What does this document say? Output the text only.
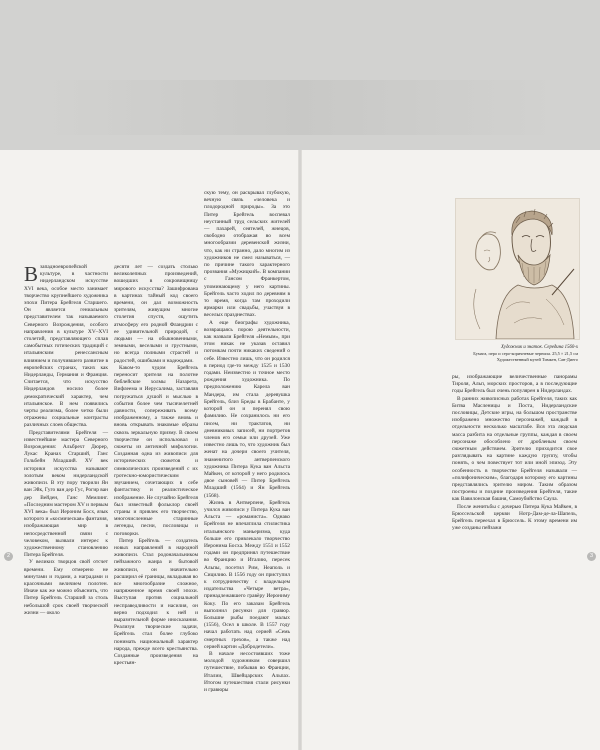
Взападноевропейской культуре, в частности нидерландском искусстве XVI века, особое место занимает творчество крупнейшего художника эпохи Питера Брейгеля Старшего. Он является гениальным представителем так называемого Северного Возрождения, особого направления в культуре XV–XVI столетий, представляющего сплав самобытных готических традиций с итальянским ренессансным влиянием и получившего развитие в европейских странах, таких как Нидерланды, Германия и Франция. Считается, что искусство Нидерландов носило более демократический характер, чем итальянское. В нем появились черты реализма, более четко были отражены социальные контрасты различных слоев общества.

Представителями Брейгеля — известнейшие мастера Северного Возрождения: Альбрехт Дюрер, Лукас Кранах Старший, Ганс Гольбейн Младший. XV век историки искусства называют золотым веком нидерландской живописи. В эту пору творили Ян ван Эйк, Гуго ван дер Гус, Рогир ван дер Вейден, Ганс Мемлинг. «Последним мастером XV и первым XVI века» был Иероним Босх, язык которого и «космическая» фантазия, изображающая мир в непосредственной связи с человеком, вызвали интерес к художественному становлению Питера Брейгеля.

У великих творцов свой отсчет времени. Ему отмерено не минутами и годами, а наградами и красочными величием полотен. Иначе как же можно объяснить, что Питер Брейгель Старший за столь небольшой срок своей творческой жизни — около

десяти лет — создать столько великолепных произведений, вошедших в сокровищницу мирового искусства? Зашифрована в картинах тайный код своего времени, он дал возможность зрителям, живущим многие столетия спустя, ощутить атмосферу его родной Фландрии с ее удивительной природой, с людьми — на обыкновенными, земными, веселыми и грустными, но всегда полными страстей и радостей, ошибками и надеждами.

Каком-то чудом Брейгель переносит зрителя на полотне библейские холмы Назарета, Вифлеема и Иерусалима, заставляя погружаться душой и мыслью в события более чем тысячелетней давности, сопереживать всему изображенному, а также вновь и вновь открывать знакомые образы сквозь зеркальную призму. В своем творчестве он использовал и сюжеты из античной мифологии. Созданная одна из живописи для исторических сюжетов и символических произведений с их гротескно-юмористическим звучанием, сочетающих в себе фантастику и реалистическое изображение. Не случайно Брейгеля был известный фольклор своей страны и привлек его творчество, многочисленные старинные легенды, песни, пословицы и поговорки.

Питер Брейгель — создатель новых направлений в народной живописи. Стал родоначальником пейзажного жанра и бытовой живописи, он значительно расширил её границы, вкладывая во все многообразие сложное, напряженное время своей эпохи. Выступая против социальной несправедливости и насилия, он верно подходил к ней и выразительной форме иносказания. Реализуя творческие задачи, Брейгель стал более глубоко понимать национальный характер народа, прежде всего крестьянства. Созданные произведения на крестьян-

скую тему, он раскрывал глубокую, вечную связь «человека и плодородной природы». За это Питер Брейгель воспевал неустанный труд сельских жителей — пахарей, сеятелей, жнецов, свободно отображая во всем многообразии деревенской жизни, что, как ни странно, дало многим из художников не смел называться, — по причине такого характерного прозвания «Мужицкий». В компании с Гансом Франкертом, упоминающему у него картины. Брейгель часто ходил по деревням в то время, когда там проходили ярмарки или свадьбы, участвуя в веселых празднествах.

А еще биографы художника, возвращаясь порою деятельности, как назвали Брейгеля «Немым», при этом никак не указав оставил потомкам почти никаких сведений о себе. Известно лишь, что он родился в период где-то между 1525 и 1530 годами. Неизвестно и точное место рождения художника. По предположению Карела ван Мандера, им стала деревушка Брейгель, близ Бреды в Брабанте, у которой он и перенял свою фамилию. Не сохранилось ни его писем, ни трактатов, ни дневниковых записей, ни портретов членов его семьи или друзей. Уже известно лишь то, что художник был женат на дочери своего учителя, знаменитого антверпенского художника Питера Кука ван Альста Майкен, от которой у него родилось двое сыновей — Питер Брейгель Младший (1564) и Ян Брейгель (1568).

Жизнь в Антверпене, Брейгель учился живописи у Питера Кука ван Альста — «романиста». Однако Брейгеля не впечатлила стилистика итальянского маньеризма, куда больше его привлекало творчество Иеронима Босха. Между 1551 и 1552 годами он предпринял путешествие во Францию и Италию, пересек Альпы, посетил Рим, Неаполь и Сицилию. В 1556 году он приступил к сотрудничеству с владельцем издательства «Четыре ветра», принадлежавшего гравёру Иерониму Коку. По его заказам Брейгель выполнил рисунки для гравюр. Большие рыбы поедают малых (1556), Осел в школе. В 1557 году начал работать над серией «Семь смертных грехов», а также над серией картин «Добродетели».

В начале несостоявших тоже молодой художником совершил путешествие, побывав во Франции, Италии, Швейцарских Альпах. Итогом путешествия стали рисунки и гравюры

Художник и знаток. Середина 1560-х
Бумага, перо и серо-коричневые чернила. 25,5 × 21,5 см Художественный музей Тимкен, Сан-Диего

ры, изображающие величественные панорамы Тироля, Альп, морских просторов, а в последующие годы Брейгель был очень популярен в Нидерландах.

В ранних живописных работах Брейгеля, таких как Битва Масленицы и Поста, Нидерландские пословицы, Детские игры, на большом пространстве изображено множество персонажей, каждый в отдельности несколько масштабе. Вся эта людская масса разбита на отдельные группы, каждая в своем персонаже обособлено от дробленым своем сюжетным действием. Зрителю приходится свое разглядывать на картине каждую группу, чтобы понять, о чем повествует тот или иной эпизод. Эту особенность в творчестве Брейгеля называли — «полифоническим», благодаря которому его картины представлялись зрителю миром. Таким образом построены и поздние произведения Брейгеля, такие как Вавилонская башня, Самоубийство Саула.

После женитьбы с дочерью Питера Кука Майкен, в Брюссельской церкви Нотр-Дам-де-ла-Шапель, Брейгель переехал в Брюссель. К этому времени им уже созданы пейзажи

2	3
